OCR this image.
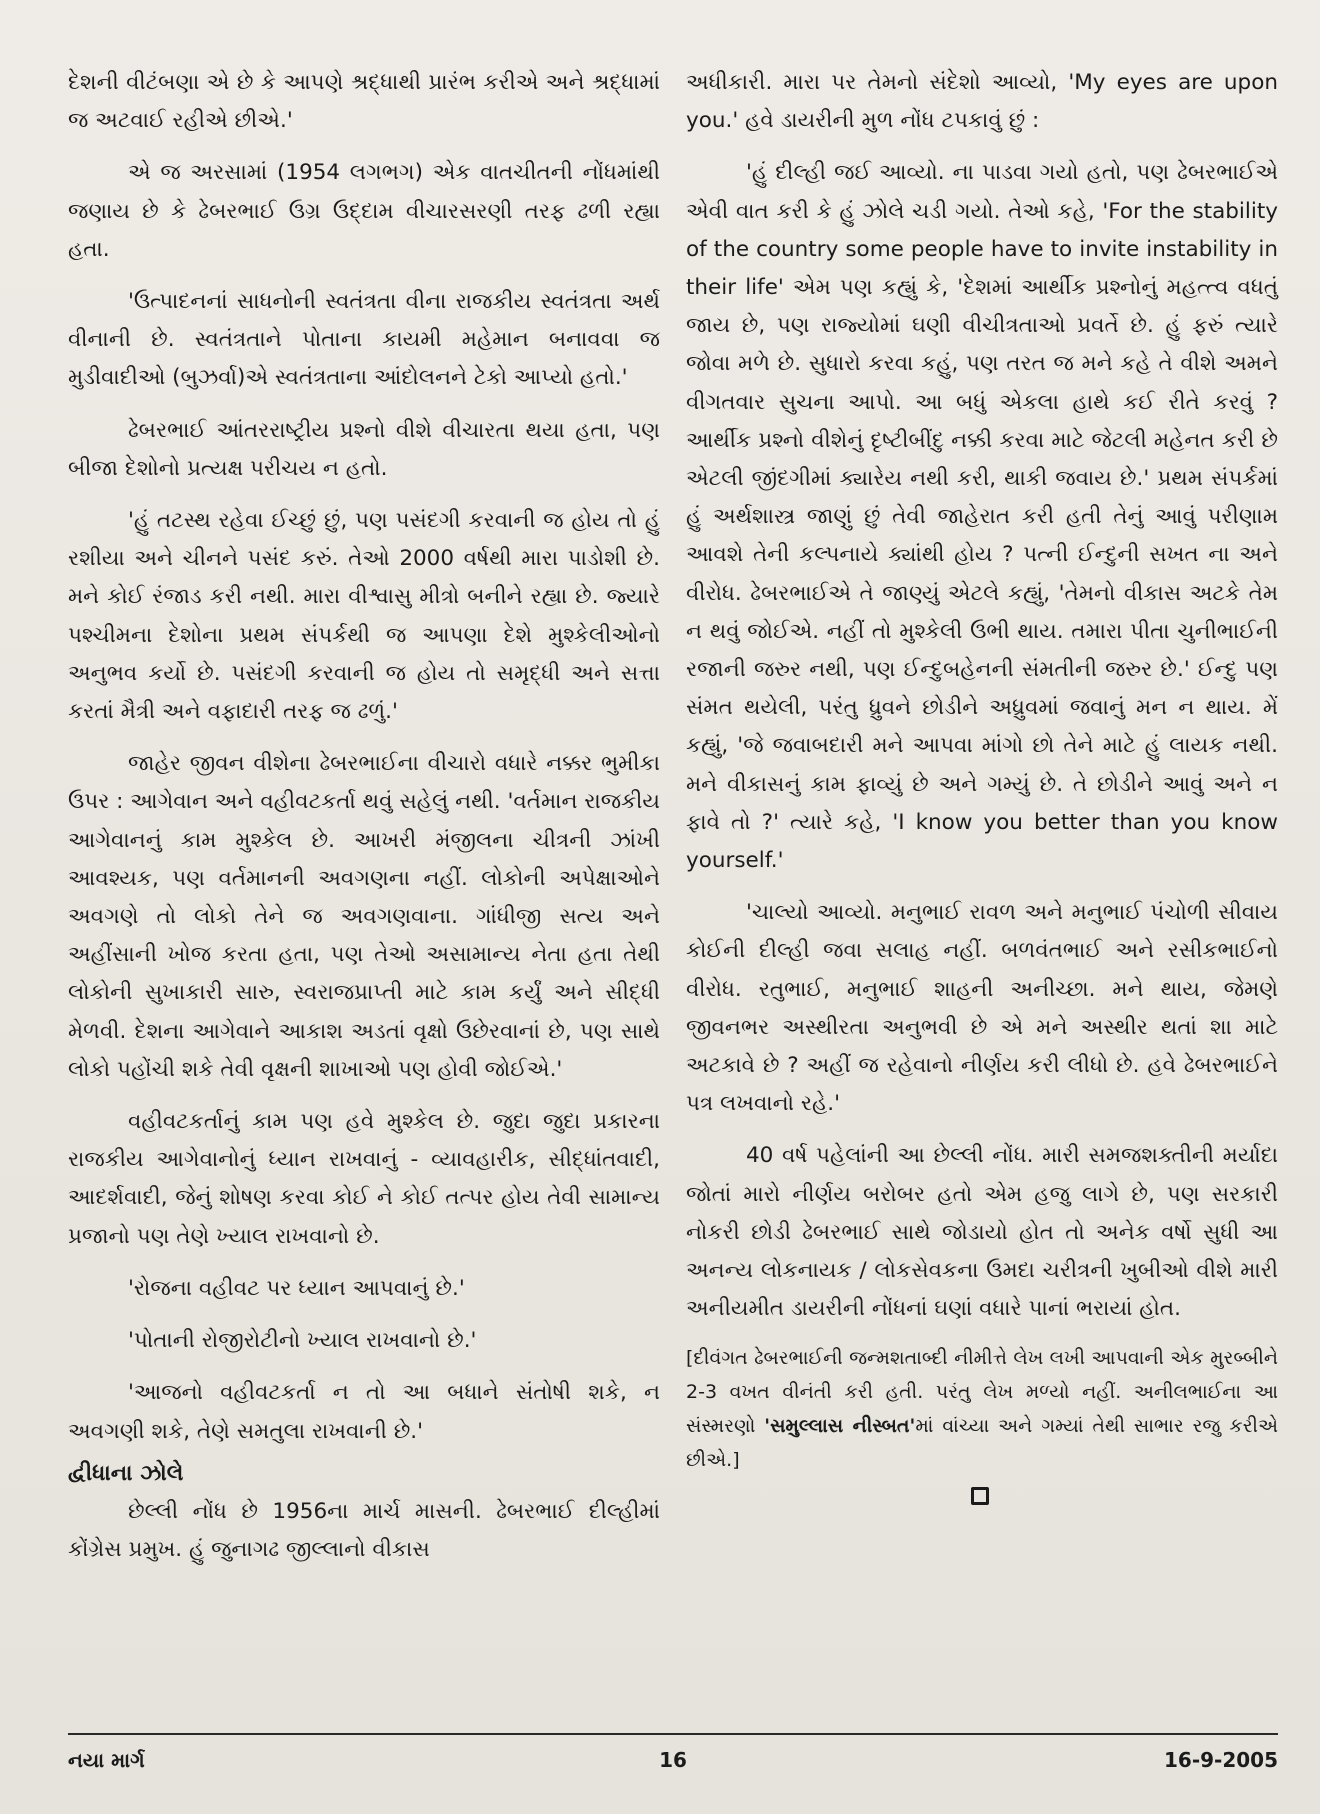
દેશની વીટંબણા એ છે કે આપણે શ્રદ્ધાથી પ્રારંભ કરીએ અને શ્રદ્ધામાં જ અટવાઈ રહીએ છીએ.'

એ જ અરસામાં (1954 લગભગ) એક વાતચીતની નોંધમાંથી જણાય છે કે ઢેબરભાઈ ઉગ્ર ઉદ્દામ વીચારસરણી તરફ ઢળી રહ્યા હતા.

'ઉત્પાદનનાં સાધનોની સ્વતંત્રતા વીના રાજકીય સ્વતંત્રતા અર્થ વીનાની છે. સ્વતંત્રતાને પોતાના કાયમી મહેમાન બનાવવા જ મુડીવાદીઓ (બુઝર્વા)એ સ્વતંત્રતાના આંદોલનને ટેકો આપ્યો હતો.'

ઢેબરભાઈ આંતરરાષ્ટ્રીય પ્રશ્નો વીશે વીચારતા થયા હતા, પણ બીજા દેશોનો પ્રત્યક્ષ પરીચય ન હતો.

'હું તટસ્થ રહેવા ઈચ્છું છું, પણ પસંદગી કરવાની જ હોય તો હું રશીયા અને ચીનને પસંદ કરું. તેઓ 2000 વર્ષથી મારા પાડોશી છે. મને કોઈ રંજાડ કરી નથી. મારા વીશ્વાસુ મીત્રો બનીને રહ્યા છે. જ્યારે પશ્ચીમના દેશોના પ્રથમ સંપર્કથી જ આપણા દેશે મુશ્કેલીઓનો અનુભવ કર્યો છે. પસંદગી કરવાની જ હોય તો સમૃદ્ધી અને સત્તા કરતાં મૈત્રી અને વફાદારી તરફ જ ઢળું.'

જાહેર જીવન વીશેના ઢેબરભાઈના વીચારો વધારે નક્કર ભુમીકા ઉપર : આગેવાન અને વહીવટકર્તા થવું સહેલું નથી. 'વર્તમાન રાજકીય આગેવાનનું કામ મુશ્કેલ છે. આખરી મંજીલના ચીત્રની ઝાંખી આવશ્યક, પણ વર્તમાનની અવગણના નહીં. લોકોની અપેક્ષાઓને અવગણે તો લોકો તેને જ અવગણવાના. ગાંધીજી સત્ય અને અહીંસાની ખોજ કરતા હતા, પણ તેઓ અસામાન્ય નેતા હતા તેથી લોકોની સુખાકારી સારુ, સ્વરાજપ્રાપ્તી માટે કામ કર્યું અને સીદ્ધી મેળવી. દેશના આગેવાને આકાશ અડતાં વૃક્ષો ઉછેરવાનાં છે, પણ સાથે લોકો પહોંચી શકે તેવી વૃક્ષની શાખાઓ પણ હોવી જોઈએ.'

વહીવટકર્તાનું કામ પણ હવે મુશ્કેલ છે. જુદા જુદા પ્રકારના રાજકીય આગેવાનોનું ધ્યાન રાખવાનું - વ્યાવહારીક, સીદ્ધાંતવાદી, આદર્શવાદી, જેનું શોષણ કરવા કોઈ ને કોઈ તત્પર હોય તેવી સામાન્ય પ્રજાનો પણ તેણે ખ્યાલ રાખવાનો છે.

'રોજના વહીવટ પર ધ્યાન આપવાનું છે.'

'પોતાની રોજીરોટીનો ખ્યાલ રાખવાનો છે.'

'આજનો વહીવટકર્તા ન તો આ બધાને સંતોષી શકે, ન અવગણી શકે, તેણે સમતુલા રાખવાની છે.'

દ્વીધાના ઝોલે

છેલ્લી નોંધ છે 1956ના માર્ચ માસની. ઢેબરભાઈ દીલ્હીમાં કોંગ્રેસ પ્રમુખ. હું જુનાગઢ જીલ્લાનો વીકાસ

અધીકારી. મારા પર તેમનો સંદેશો આવ્યો, 'My eyes are upon you.' હવે ડાયરીની મુળ નોંધ ટપકાવું છું :

'હું દીલ્હી જઈ આવ્યો. ના પાડવા ગયો હતો, પણ ઢેબરભાઈએ એવી વાત કરી કે હું ઝોલે ચડી ગયો. તેઓ કહે, 'For the stability of the country some people have to invite instability in their life' એમ પણ કહ્યું કે, 'દેશમાં આર્થીક પ્રશ્નોનું મહત્ત્વ વધતું જાય છે, પણ રાજ્યોમાં ઘણી વીચીત્રતાઓ પ્રવર્તે છે. હું ફરું ત્યારે જોવા મળે છે. સુધારો કરવા કહું, પણ તરત જ મને કહે તે વીશે અમને વીગતવાર સુચના આપો. આ બધું એકલા હાથે કઈ રીતે કરવું ? આર્થીક પ્રશ્નો વીશેનું દૃષ્ટીબીંદુ નક્કી કરવા માટે જેટલી મહેનત કરી છે એટલી જીંદગીમાં ક્યારેય નથી કરી, થાકી જવાય છે.' પ્રથમ સંપર્કમાં હું અર્થશાસ્ત્ર જાણું છું તેવી જાહેરાત કરી હતી તેનું આવું પરીણામ આવશે તેની કલ્પનાયે ક્યાંથી હોય ? પત્ની ઈન્દુની સખત ના અને વીરોધ. ઢેબરભાઈએ તે જાણ્યું એટલે કહ્યું, 'તેમનો વીકાસ અટકે તેમ ન થવું જોઈએ. નહીં તો મુશ્કેલી ઉભી થાય. તમારા પીતા ચુનીભાઈની રજાની જરુર નથી, પણ ઈન્દુબહેનની સંમતીની જરુર છે.' ઈન્દુ પણ સંમત થયેલી, પરંતુ ધ્રુવને છોડીને અધ્રુવમાં જવાનું મન ન થાય. મેં કહ્યું, 'જે જવાબદારી મને આપવા માંગો છો તેને માટે હું લાયક નથી. મને વીકાસનું કામ ફાવ્યું છે અને ગમ્યું છે. તે છોડીને આવું અને ન ફાવે તો ?' ત્યારે કહે, 'I know you better than you know yourself.'

'ચાલ્યો આવ્યો. મનુભાઈ રાવળ અને મનુભાઈ પંચોળી સીવાય કોઈની દીલ્હી જવા સલાહ નહીં. બળવંતભાઈ અને રસીકભાઈનો વીરોધ. રતુભાઈ, મનુભાઈ શાહની અનીચ્છા. મને થાય, જેમણે જીવનભર અસ્થીરતા અનુભવી છે એ મને અસ્થીર થતાં શા માટે અટકાવે છે ? અહીં જ રહેવાનો નીર્ણય કરી લીધો છે. હવે ઢેબરભાઈને પત્ર લખવાનો રહે.'

40 વર્ષ પહેલાંની આ છેલ્લી નોંધ. મારી સમજશક્તીની મર્યાદા જોતાં મારો નીર્ણય બરોબર હતો એમ હજુ લાગે છે, પણ સરકારી નોકરી છોડી ઢેબરભાઈ સાથે જોડાયો હોત તો અનેક વર્ષો સુધી આ અનન્ય લોકનાયક / લોકસેવકના ઉમદા ચરીત્રની ખુબીઓ વીશે મારી અનીયમીત ડાયરીની નોંધનાં ઘણાં વધારે પાનાં ભરાયાં હોત.

[દીવંગત ઢેબરભાઈની જન્મશતાબ્દી નીમીત્તે લેખ લખી આપવાની એક મુરબ્બીને 2-3 વખત વીનંતી કરી હતી. પરંતુ લેખ મળ્યો નહીં. અનીલભાઈના આ સંસ્મરણો 'સમુલ્લાસ નીસ્બત'માં વાંચ્યા અને ગમ્યાં તેથી સાભાર રજુ કરીએ છીએ.]

નયા માર્ગ	16	16-9-2005
